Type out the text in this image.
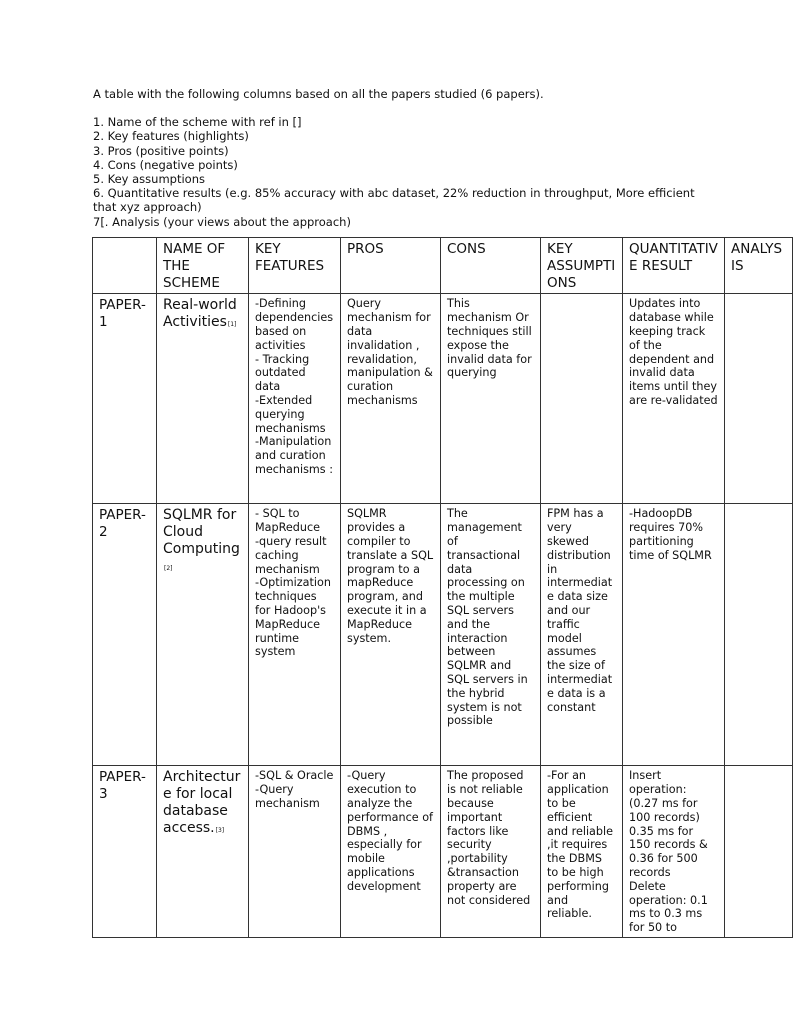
A table with the following columns based on all the papers studied (6 papers).
1. Name of the scheme with ref in []
2. Key features (highlights)
3. Pros (positive points)
4. Cons (negative points)
5. Key assumptions
6. Quantitative results (e.g. 85% accuracy with abc dataset, 22% reduction in throughput, More efficient
that xyz approach)
7[. Analysis (your views about the approach)
	NAME OF THE SCHEME	KEY FEATURES	PROS	CONS	KEY ASSUMPTIONS	QUANTITATIVE RESULT	ANALYSIS
PAPER-1	Real-world Activities[1]	-Defining dependencies based on activities
- Tracking outdated data
-Extended querying mechanisms
-Manipulation and curation mechanisms :	Query mechanism for data invalidation , revalidation, manipulation & curation mechanisms	This mechanism Or techniques still expose the invalid data for querying		Updates into database while keeping track of the dependent and invalid data items until they are re-validated	

PAPER-2	SQLMR for Cloud Computing[2]	- SQL to MapReduce
-query result caching mechanism
-Optimization techniques for Hadoop's MapReduce runtime system	SQLMR provides a compiler to translate a SQL program to a mapReduce program, and execute it in a MapReduce system.	The management of transactional data processing on the multiple SQL servers and the interaction between SQLMR and SQL servers in the hybrid system is not possible	FPM has a very skewed distribution in intermediate data size and our traffic model assumes the size of intermediate data is a constant	-HadoopDB requires 70% partitioning time of SQLMR	

PAPER-3	Architecture for local database access.[3]	-SQL & Oracle
-Query mechanism	-Query execution to analyze the performance of DBMS , especially for mobile applications development	The proposed is not reliable because important factors like security ,portability &transaction property are not considered	-For an application to be efficient and reliable ,it requires the DBMS to be high performing and reliable.	Insert operation: (0.27 ms for 100 records) 0.35 ms for 150 records & 0.36 for 500 records
Delete operation: 0.1 ms to 0.3 ms for 50 to	
